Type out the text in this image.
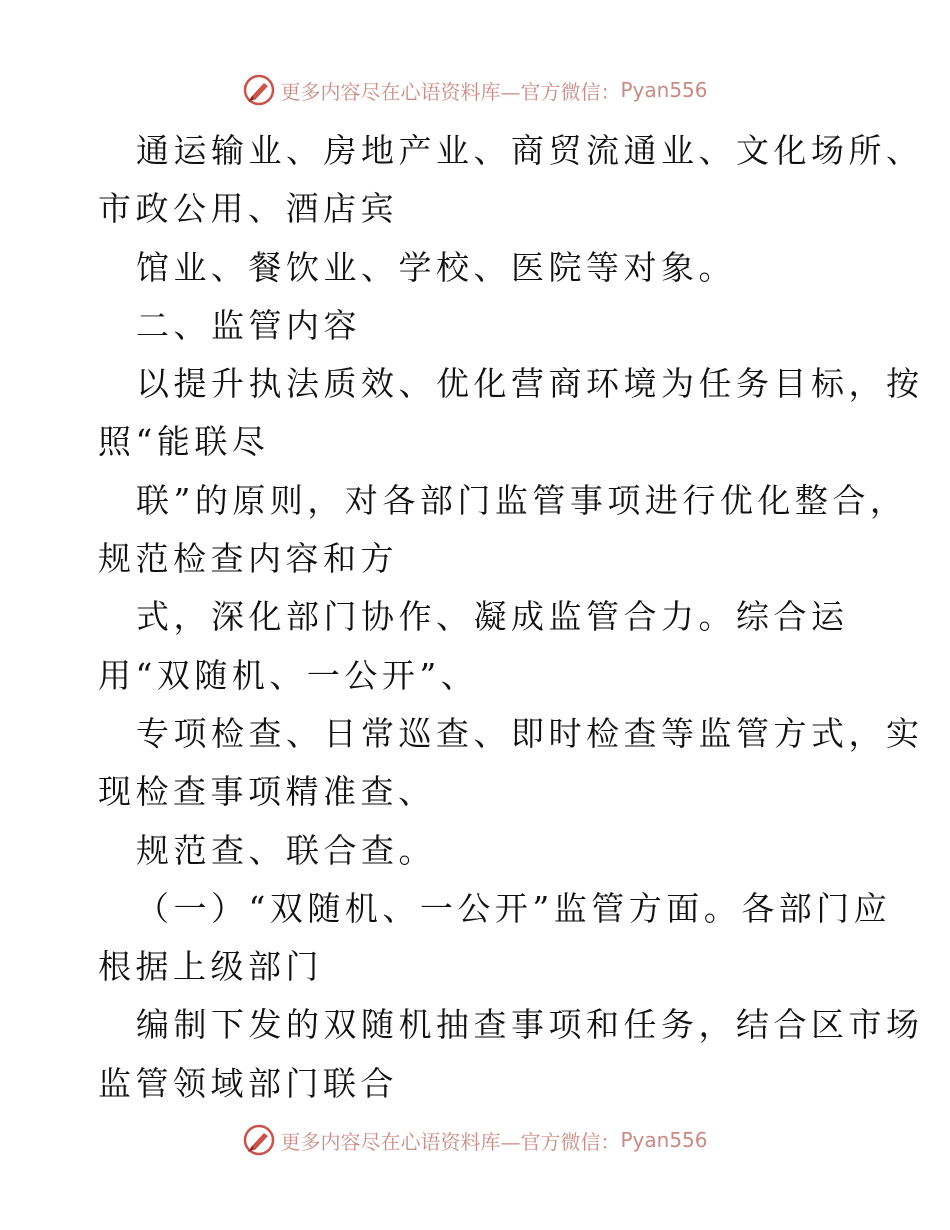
更多内容尽在心语资料库—官方微信： Pyan556
通运输业、房地产业、商贸流通业、文化场所、
市政公用、酒店宾
馆业、餐饮业、学校、医院等对象。
二、监管内容
以提升执法质效、优化营商环境为任务目标，按
照“能联尽
联”的原则，对各部门监管事项进行优化整合，
规范检查内容和方
式，深化部门协作、凝成监管合力。综合运
用“双随机、一公开”、
专项检查、日常巡查、即时检查等监管方式，实
现检查事项精准查、
规范查、联合查。
（一）“双随机、一公开”监管方面。各部门应
根据上级部门
编制下发的双随机抽查事项和任务，结合区市场
监管领域部门联合
更多内容尽在心语资料库—官方微信： Pyan556
